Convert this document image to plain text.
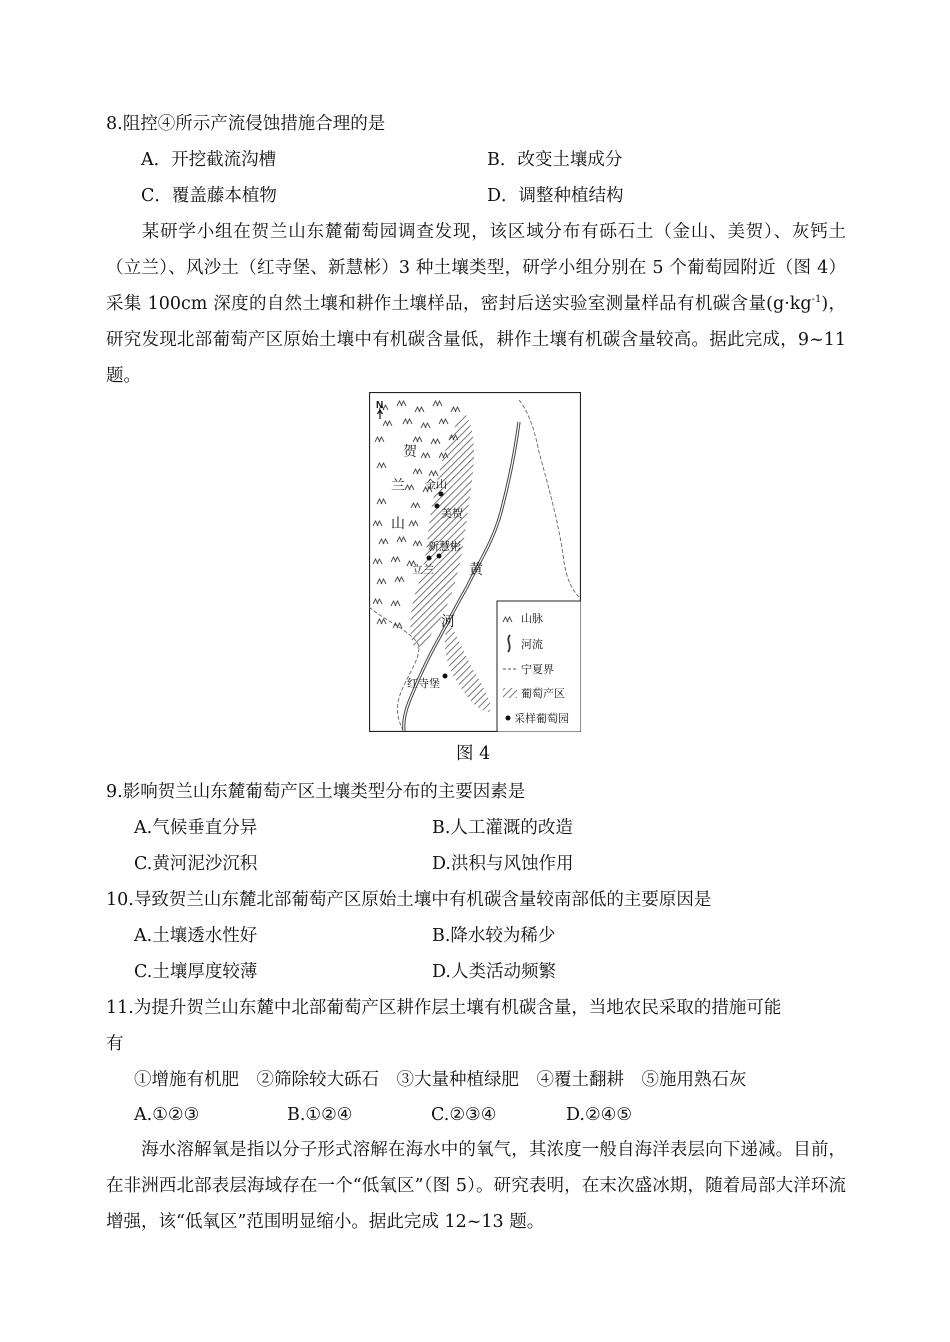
8.阻控④所示产流侵蚀措施合理的是
A．开挖截流沟槽	B．改变土壤成分
C．覆盖藤本植物	D．调整种植结构
某研学小组在贺兰山东麓葡萄园调查发现，该区域分布有砾石土（金山、美贺）、灰钙土（立兰）、风沙土（红寺堡、新慧彬）3 种土壤类型，研学小组分别在 5 个葡萄园附近（图 4）采集 100cm 深度的自然土壤和耕作土壤样品，密封后送实验室测量样品有机碳含量$(g\cdot kg^{-1})$，研究发现北部葡萄产区原始土壤中有机碳含量低，耕作土壤有机碳含量较高。据此完成，9~11 题。
N
贺
兰
山
黄
河
金山
美贺
新慧彬
立兰
红寺堡
山脉
河流
宁夏界
葡萄产区
采样葡萄园
图 4
9.影响贺兰山东麓葡萄产区土壤类型分布的主要因素是
A.气候垂直分异	B.人工灌溉的改造
C.黄河泥沙沉积	D.洪积与风蚀作用
10.导致贺兰山东麓北部葡萄产区原始土壤中有机碳含量较南部低的主要原因是
A.土壤透水性好	B.降水较为稀少
C.土壤厚度较薄	D.人类活动频繁
11.为提升贺兰山东麓中北部葡萄产区耕作层土壤有机碳含量，当地农民采取的措施可能
有
①增施有机肥　②筛除较大砾石　③大量种植绿肥　④覆土翻耕　⑤施用熟石灰
A.①②③	B.①②④	C.②③④	D.②④⑤
海水溶解氧是指以分子形式溶解在海水中的氧气，其浓度一般自海洋表层向下递减。目前，在非洲西北部表层海域存在一个“低氧区”（图 5）。研究表明，在末次盛冰期，随着局部大洋环流增强，该“低氧区”范围明显缩小。据此完成 12~13 题。
